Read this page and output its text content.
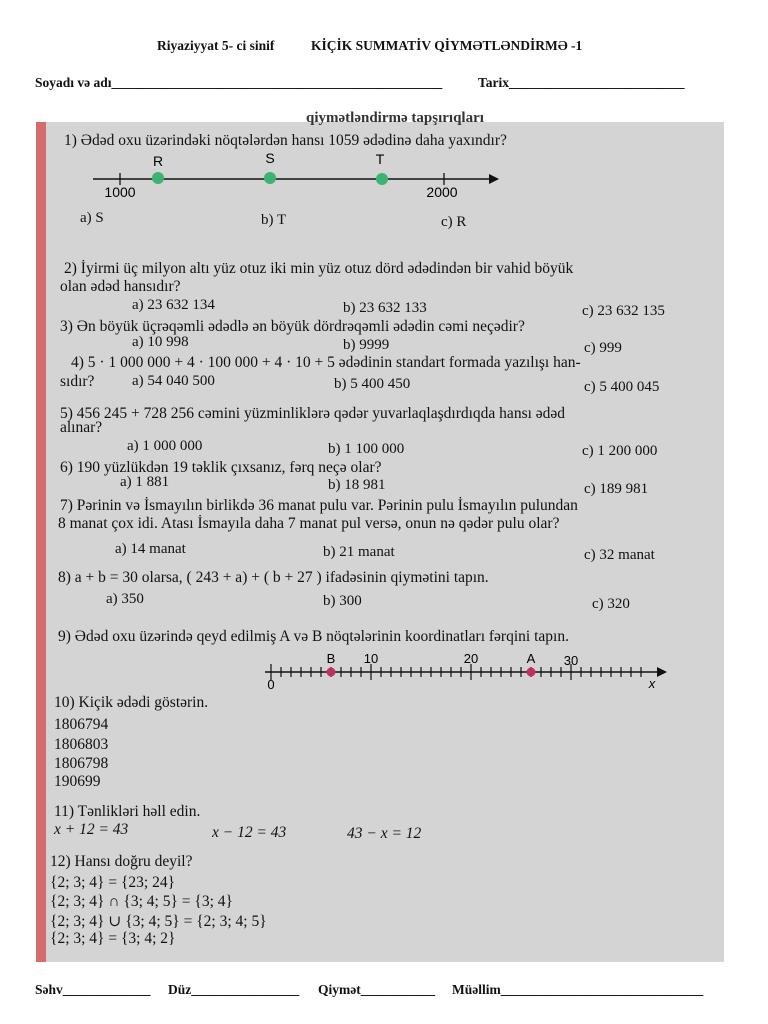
Riyaziyyat 5- ci sinif	KİÇİK SUMMATİV QİYMƏTLƏNDİRMƏ -1
Soyadı və adı_________________________________________________	Tarix__________________________
qiymətləndirmə tapşırıqları
1) Ədəd oxu üzərindəki nöqtələrdən hansı 1059 ədədinə daha yaxındır?
R	S	T
1000	2000
a) S	b) T	c) R
2) İyirmi üç milyon altı yüz otuz iki min yüz otuz dörd ədədindən bir vahid böyük
olan ədəd hansıdır?
a) 23 632 134	b) 23 632 133	c) 23 632 135
3) Ən böyük üçrəqəmli ədədlə ən böyük dördrəqəmli ədədin cəmi neçədir?
a) 10 998	b) 9999	c) 999
4) 5 · 1 000 000 + 4 · 100 000 + 4 · 10 + 5 ədədinin standart formada yazılışı han-
sıdır?	a) 54 040 500	b) 5 400 450	c) 5 400 045
5) 456 245 + 728 256 cəmini yüzminliklərə qədər yuvarlaqlaşdırdıqda hansı ədəd
alınar?
a) 1 000 000	b) 1 100 000	c) 1 200 000
6) 190 yüzlükdən 19 təklik çıxsanız, fərq neçə olar?
a) 1 881	b) 18 981	c) 189 981
7) Pərinin və İsmayılın birlikdə 36 manat pulu var. Pərinin pulu İsmayılın pulundan
8 manat çox idi. Atası İsmayıla daha 7 manat pul versə, onun nə qədər pulu olar?
a) 14 manat	b) 21 manat	c) 32 manat
8) a + b = 30 olarsa, ( 243 + a) + ( b + 27 ) ifadəsinin qiymətini tapın.
a) 350	b) 300	c) 320
9) Ədəd oxu üzərində qeyd edilmiş A və B nöqtələrinin koordinatları fərqini tapın.
B 10	20	A 30
0	x
10) Kiçik ədədi göstərin.
1806794
1806803
1806798
190699
11) Tənlikləri həll edin.
x + 12 = 43	x − 12 = 43	43 − x = 12
12) Hansı doğru deyil?
{2; 3; 4} = {23; 24}
{2; 3; 4} ∩ {3; 4; 5} = {3; 4}
{2; 3; 4} ∪ {3; 4; 5} = {2; 3; 4; 5}
{2; 3; 4} = {3; 4; 2}
Səhv_____________ Düz________________ Qiymət___________ Müəllim______________________________
